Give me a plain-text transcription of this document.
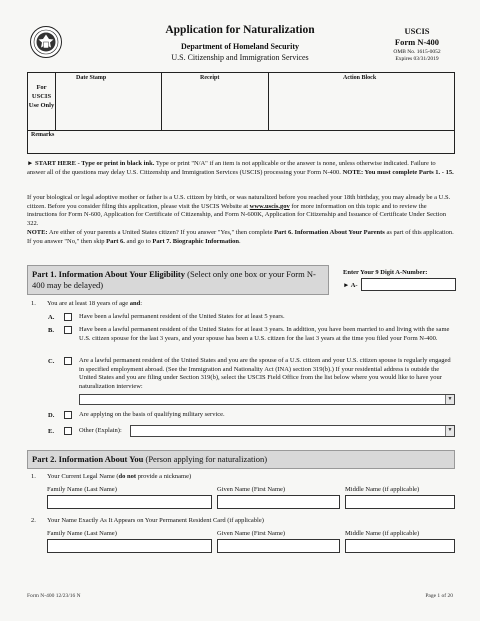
Application for Naturalization
Department of Homeland Security
U.S. Citizenship and Immigration Services
USCIS
Form N-400
OMB No. 1615-0052
Expires 03/31/2019
For USCIS Use Only
Date Stamp	Receipt	Action Block
Remarks
► START HERE - Type or print in black ink. Type or print "N/A" if an item is not applicable or the answer is none, unless otherwise indicated. Failure to answer all of the questions may delay U.S. Citizenship and Immigration Services (USCIS) processing your Form N-400. NOTE: You must complete Parts 1. - 15.
If your biological or legal adoptive mother or father is a U.S. citizen by birth, or was naturalized before you reached your 18th birthday, you may already be a U.S. citizen. Before you consider filing this application, please visit the USCIS Website at www.uscis.gov for more information on this topic and to review the instructions for Form N-600, Application for Certificate of Citizenship, and Form N-600K, Application for Citizenship and Issuance of Certificate Under Section 322.
NOTE: Are either of your parents a United States citizen? If you answer "Yes," then complete Part 6. Information About Your Parents as part of this application. If you answer "No," then skip Part 6. and go to Part 7. Biographic Information.
Part 1. Information About Your Eligibility (Select only one box or your Form N-400 may be delayed)
Enter Your 9 Digit A-Number:
► A-
1. You are at least 18 years of age and:
A.	Have been a lawful permanent resident of the United States for at least 5 years.
B.	Have been a lawful permanent resident of the United States for at least 3 years. In addition, you have been married to and living with the same U.S. citizen spouse for the last 3 years, and your spouse has been a U.S. citizen for the last 3 years at the time you filed your Form N-400.
C.	Are a lawful permanent resident of the United States and you are the spouse of a U.S. citizen and your U.S. citizen spouse is regularly engaged in specified employment abroad. (See the Immigration and Nationality Act (INA) section 319(b).) If your residential address is outside the United States and you are filing under Section 319(b), select the USCIS Field Office from the list below where you would like to have your naturalization interview:
▼
D.	Are applying on the basis of qualifying military service.
E.	Other (Explain):	▼
Part 2. Information About You (Person applying for naturalization)
1. Your Current Legal Name (do not provide a nickname)
Family Name (Last Name)	Given Name (First Name)	Middle Name (if applicable)
2. Your Name Exactly As It Appears on Your Permanent Resident Card (if applicable)
Family Name (Last Name)	Given Name (First Name)	Middle Name (if applicable)
Form N-400 12/23/16 N	Page 1 of 20
